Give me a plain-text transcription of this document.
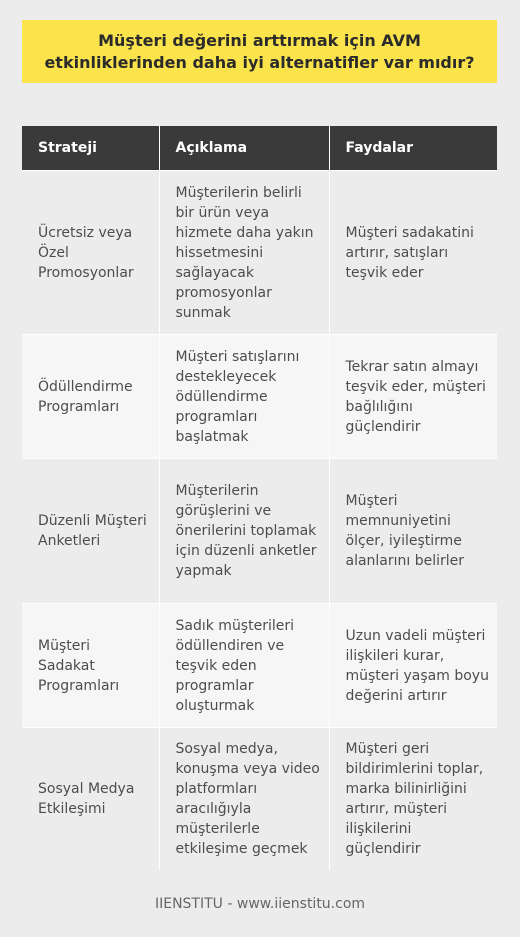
Müşteri değerini arttırmak için AVM etkinliklerinden daha iyi alternatifler var mıdır?
Strateji	Açıklama	Faydalar
Ücretsiz veya Özel Promosyonlar	Müşterilerin belirli bir ürün veya hizmete daha yakın hissetmesini sağlayacak promosyonlar sunmak	Müşteri sadakatini artırır, satışları teşvik eder
Ödüllendirme Programları	Müşteri satışlarını destekleyecek ödüllendirme programları başlatmak	Tekrar satın almayı teşvik eder, müşteri bağlılığını güçlendirir
Düzenli Müşteri Anketleri	Müşterilerin görüşlerini ve önerilerini toplamak için düzenli anketler yapmak	Müşteri memnuniyetini ölçer, iyileştirme alanlarını belirler
Müşteri Sadakat Programları	Sadık müşterileri ödüllendiren ve teşvik eden programlar oluşturmak	Uzun vadeli müşteri ilişkileri kurar, müşteri yaşam boyu değerini artırır
Sosyal Medya Etkileşimi	Sosyal medya, konuşma veya video platformları aracılığıyla müşterilerle etkileşime geçmek	Müşteri geri bildirimlerini toplar, marka bilinirliğini artırır, müşteri ilişkilerini güçlendirir
IIENSTITU - www.iienstitu.com
